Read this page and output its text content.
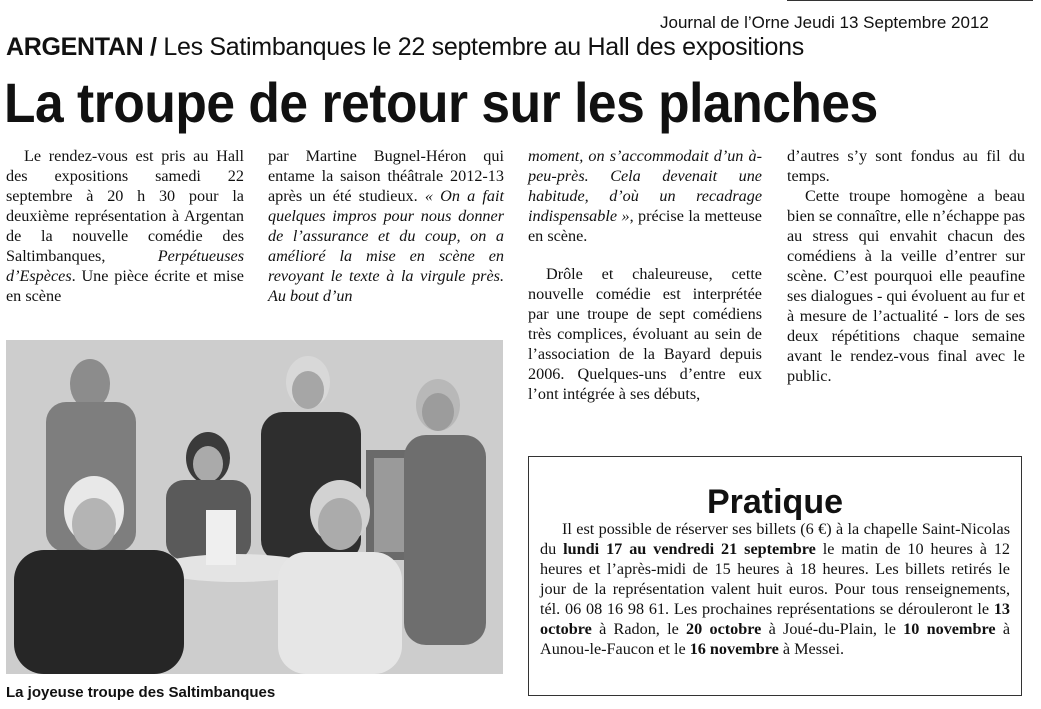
Journal de l’Orne Jeudi 13 Septembre 2012
ARGENTAN / Les Satimbanques le 22 septembre au Hall des expositions
La troupe de retour sur les planches

Le rendez-vous est pris au Hall des expositions samedi 22 septembre à 20 h 30 pour la deuxième représentation à Argentan de la nouvelle comédie des Saltimbanques,	Perpétueuses d’Espèces. Une pièce écrite et mise en scène

par Martine Bugnel-Héron qui entame la saison théâtrale 2012-13 après un été studieux. « On a fait quelques impros pour nous donner de l’assurance et du coup, on a amélioré la mise en scène en revoyant le texte à la virgule près. Au bout d’un

moment, on s’accommodait d’un à-peu-près. Cela devenait une habitude, d’où un recadrage indispensable », précise la metteuse en scène.

Drôle et chaleureuse, cette nouvelle comédie est interprétée par une troupe de sept comédiens très complices, évoluant au sein de l’association de la Bayard depuis 2006. Quelques-uns d’entre eux l’ont intégrée à ses débuts,

d’autres s’y sont fondus au fil du temps.

Cette troupe homogène a beau bien se connaître, elle n’échappe pas au stress qui envahit chacun des comédiens à la veille d’entrer sur scène. C’est pourquoi elle peaufine ses dialogues - qui évoluent au fur et à mesure de l’actualité - lors de ses deux répétitions chaque semaine avant le rendez-vous final avec le public.

La joyeuse troupe des Saltimbanques
Pratique

Il est possible de réserver ses billets (6 €) à la chapelle Saint-Nicolas du lundi 17 au vendredi 21 septembre le matin de 10 heures à 12 heures et l’après-midi de 15 heures à 18 heures. Les billets retirés le jour de la représentation valent huit euros. Pour tous renseignements, tél. 06 08 16 98 61. Les prochaines représentations se dérouleront le 13 octobre à Radon, le 20 octobre à Joué-du-Plain, le 10 novembre à Aunou-le-Faucon et le 16 novembre à Messei.
